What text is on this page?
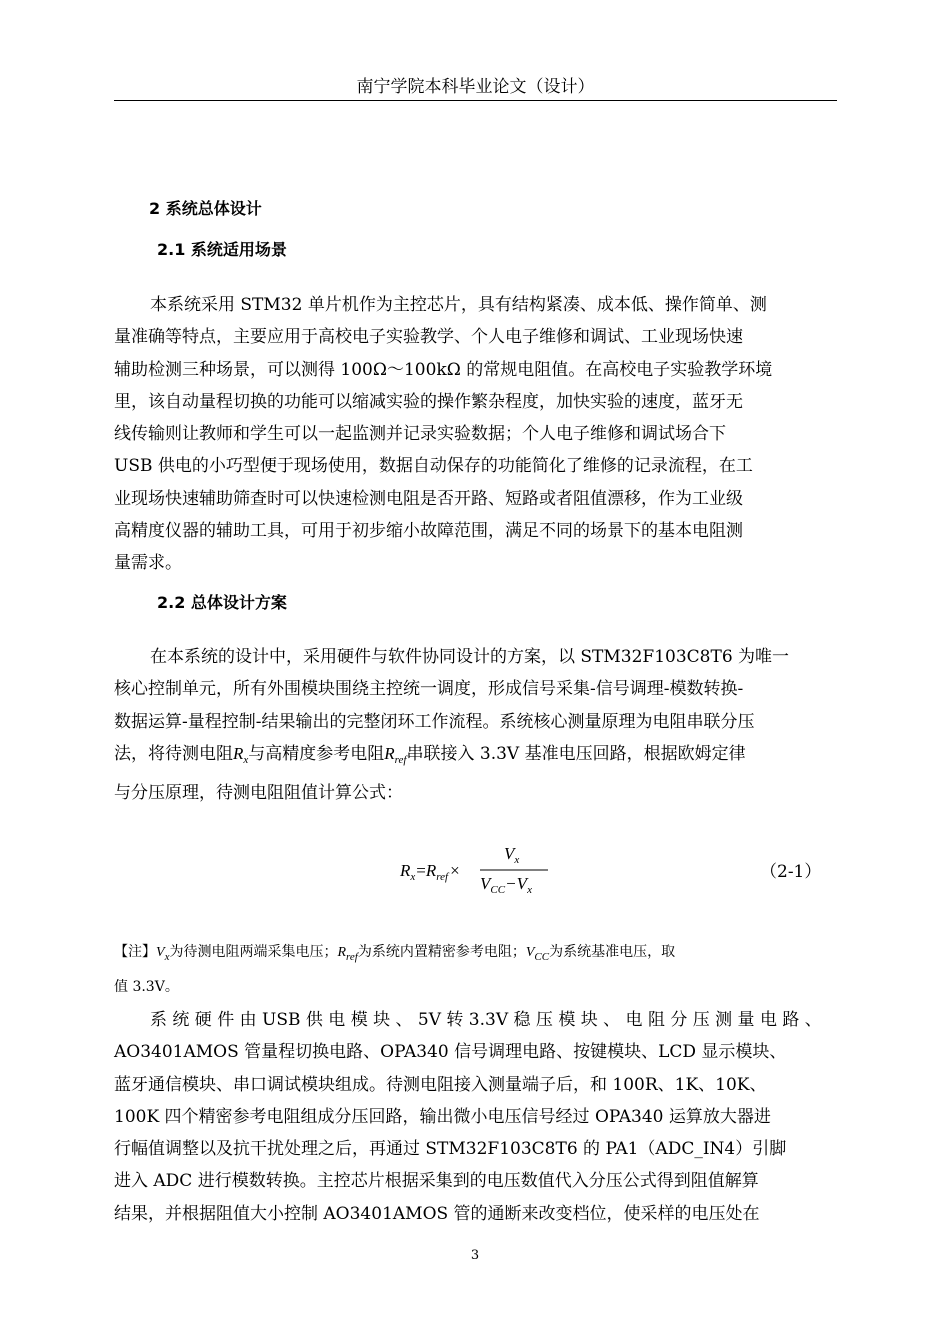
南宁学院本科毕业论文（设计）
2 系统总体设计
2.1 系统适用场景
本系统采用 STM32 单片机作为主控芯片，具有结构紧凑、成本低、操作简单、测
量准确等特点，主要应用于高校电子实验教学、个人电子维修和调试、工业现场快速
辅助检测三种场景，可以测得 100Ω～100kΩ 的常规电阻值。在高校电子实验教学环境
里，该自动量程切换的功能可以缩减实验的操作繁杂程度，加快实验的速度，蓝牙无
线传输则让教师和学生可以一起监测并记录实验数据；个人电子维修和调试场合下
USB 供电的小巧型便于现场使用，数据自动保存的功能简化了维修的记录流程，在工
业现场快速辅助筛查时可以快速检测电阻是否开路、短路或者阻值漂移，作为工业级
高精度仪器的辅助工具，可用于初步缩小故障范围，满足不同的场景下的基本电阻测
量需求。
2.2 总体设计方案
在本系统的设计中，采用硬件与软件协同设计的方案，以 STM32F103C8T6 为唯一
核心控制单元，所有外围模块围绕主控统一调度，形成信号采集-信号调理-模数转换-
数据运算-量程控制-结果输出的完整闭环工作流程。系统核心测量原理为电阻串联分压
法，将待测电阻$R_x$与高精度参考电阻$R_{ref}$串联接入 3.3V 基准电压回路，根据欧姆定律
与分压原理，待测电阻阻值计算公式：
$R_x=R_{ref}$ ×
$V_x$
$V_{CC}-V_x$
（2-1）
【注】$V_x$为待测电阻两端采集电压；$R_{ref}$为系统内置精密参考电阻；$V_{CC}$为系统基准电压，取
值 3.3V。
系 统 硬 件 由 USB 供 电 模 块 、 5V 转 3.3V 稳 压 模 块 、 电 阻 分 压 测 量 电 路 、
AO3401AMOS 管量程切换电路、OPA340 信号调理电路、按键模块、LCD 显示模块、
蓝牙通信模块、串口调试模块组成。待测电阻接入测量端子后，和 100R、1K、10K、
100K 四个精密参考电阻组成分压回路，输出微小电压信号经过 OPA340 运算放大器进
行幅值调整以及抗干扰处理之后，再通过 STM32F103C8T6 的 PA1（ADC_IN4）引脚
进入 ADC 进行模数转换。主控芯片根据采集到的电压数值代入分压公式得到阻值解算
结果，并根据阻值大小控制 AO3401AMOS 管的通断来改变档位，使采样的电压处在
3
